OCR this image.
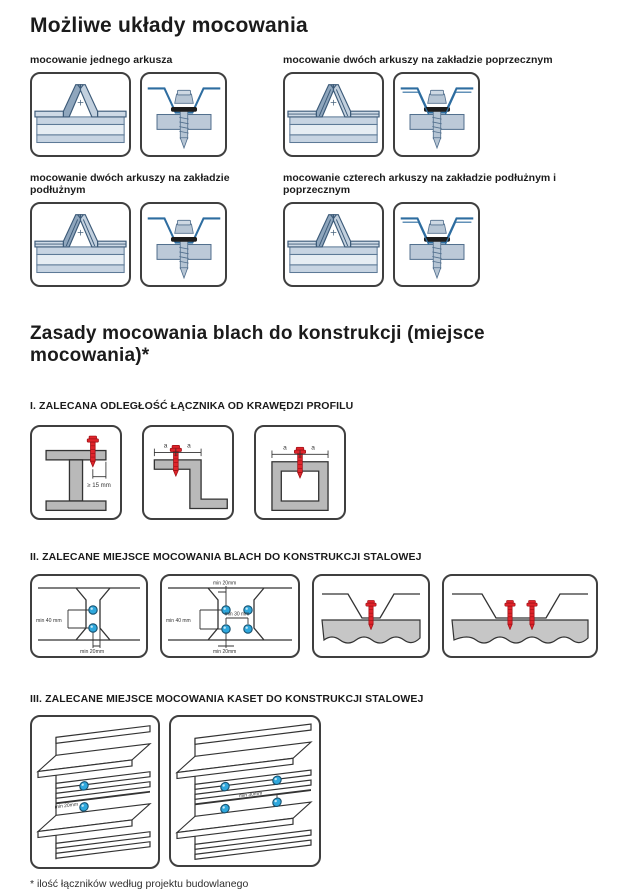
Możliwe układy mocowania
mocowanie jednego arkusza	mocowanie dwóch arkuszy na zakładzie poprzecznym
mocowanie dwóch arkuszy na zakładzie podłużnym
mocowanie czterech arkuszy na zakładzie podłużnym i poprzecznym
Zasady mocowania blach do konstrukcji (miejsce mocowania)*
I. ZALECANA ODLEGŁOŚĆ ŁĄCZNIKA OD KRAWĘDZI PROFILU
≥ 15 mm
a	a	a	a
II. ZALECANE MIEJSCE MOCOWANIA BLACH DO KONSTRUKCJI STALOWEJ
min 40 mm
min 20mm
min 20mm
min 40 mm
min 30 mm
min 20mm
III. ZALECANE MIEJSCE MOCOWANIA KASET DO KONSTRUKCJI STALOWEJ
min 20mm
min 30mm
* ilość łączników według projektu budowlanego
